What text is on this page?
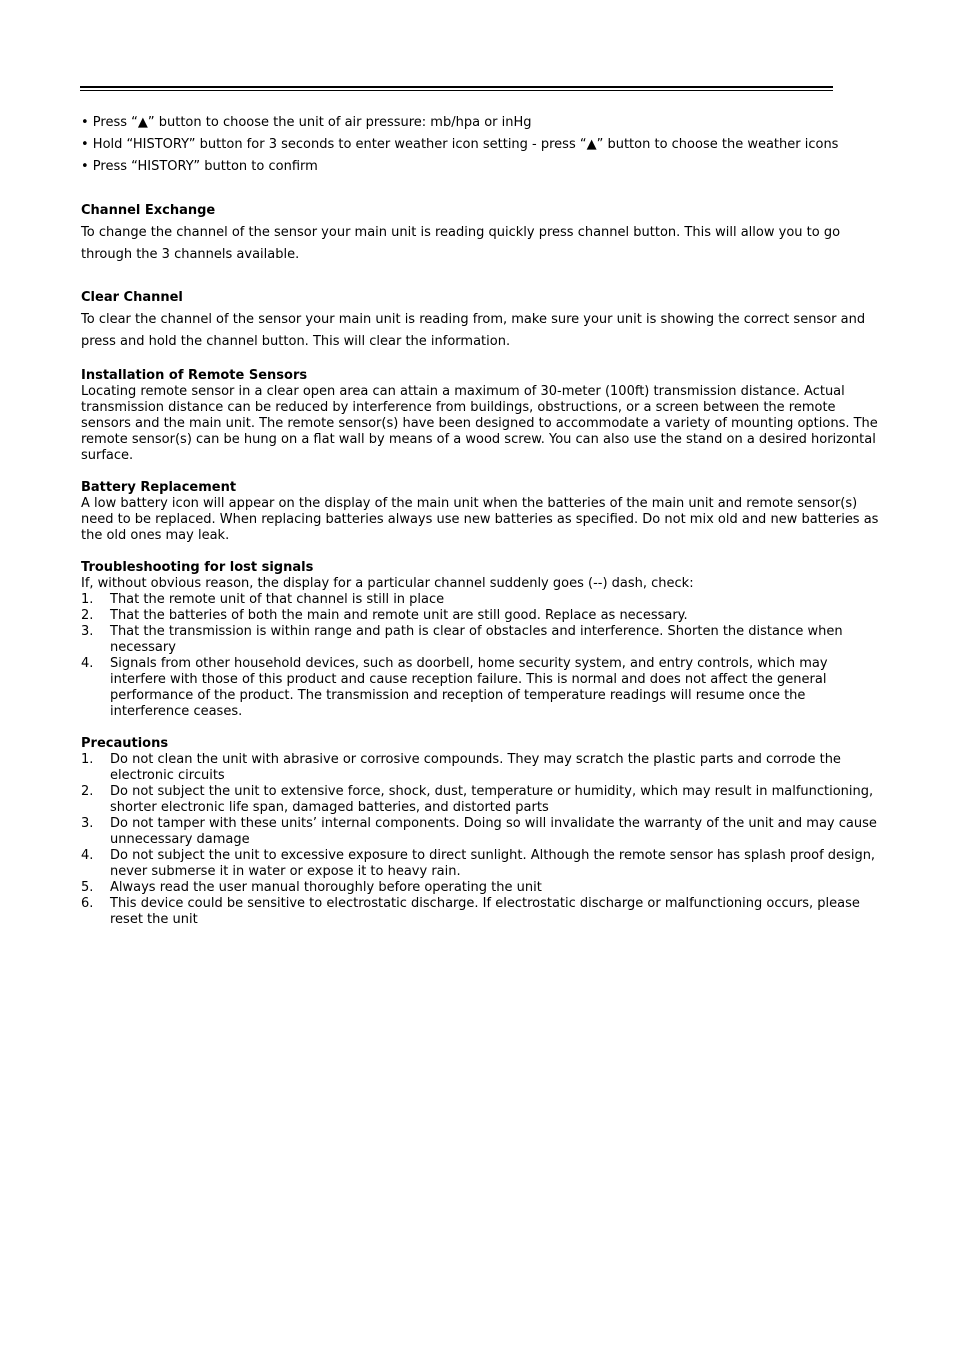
• Press “▲” button to choose the unit of air pressure: mb/hpa or inHg

• Hold “HISTORY” button for 3 seconds to enter weather icon setting - press “▲” button to choose the weather icons

• Press “HISTORY” button to confirm

Channel Exchange

To change the channel of the sensor your main unit is reading quickly press channel button. This will allow you to go through the 3 channels available.

Clear Channel

To clear the channel of the sensor your main unit is reading from, make sure your unit is showing the correct sensor and press and hold the channel button. This will clear the information.

Installation of Remote Sensors

Locating remote sensor in a clear open area can attain a maximum of 30-meter (100ft) transmission distance. Actual transmission distance can be reduced by interference from buildings, obstructions, or a screen between the remote sensors and the main unit. The remote sensor(s) have been designed to accommodate a variety of mounting options. The remote sensor(s) can be hung on a flat wall by means of a wood screw. You can also use the stand on a desired horizontal surface.

Battery Replacement

A low battery icon will appear on the display of the main unit when the batteries of the main unit and remote sensor(s) need to be replaced. When replacing batteries always use new batteries as specified. Do not mix old and new batteries as the old ones may leak.

Troubleshooting for lost signals

If, without obvious reason, the display for a particular channel suddenly goes (--) dash, check:

1.	That the remote unit of that channel is still in place
2.	That the batteries of both the main and remote unit are still good. Replace as necessary.
3.	That the transmission is within range and path is clear of obstacles and interference. Shorten the distance when necessary
4.	Signals from other household devices, such as doorbell, home security system, and entry controls, which may interfere with those of this product and cause reception failure. This is normal and does not affect the general performance of the product. The transmission and reception of temperature readings will resume once the interference ceases.
Precautions
1.	Do not clean the unit with abrasive or corrosive compounds. They may scratch the plastic parts and corrode the electronic circuits
2.	Do not subject the unit to extensive force, shock, dust, temperature or humidity, which may result in malfunctioning, shorter electronic life span, damaged batteries, and distorted parts
3.	Do not tamper with these units’ internal components. Doing so will invalidate the warranty of the unit and may cause unnecessary damage
4.	Do not subject the unit to excessive exposure to direct sunlight. Although the remote sensor has splash proof design, never submerse it in water or expose it to heavy rain.
5.	Always read the user manual thoroughly before operating the unit
6.	This device could be sensitive to electrostatic discharge. If electrostatic discharge or malfunctioning occurs, please reset the unit
